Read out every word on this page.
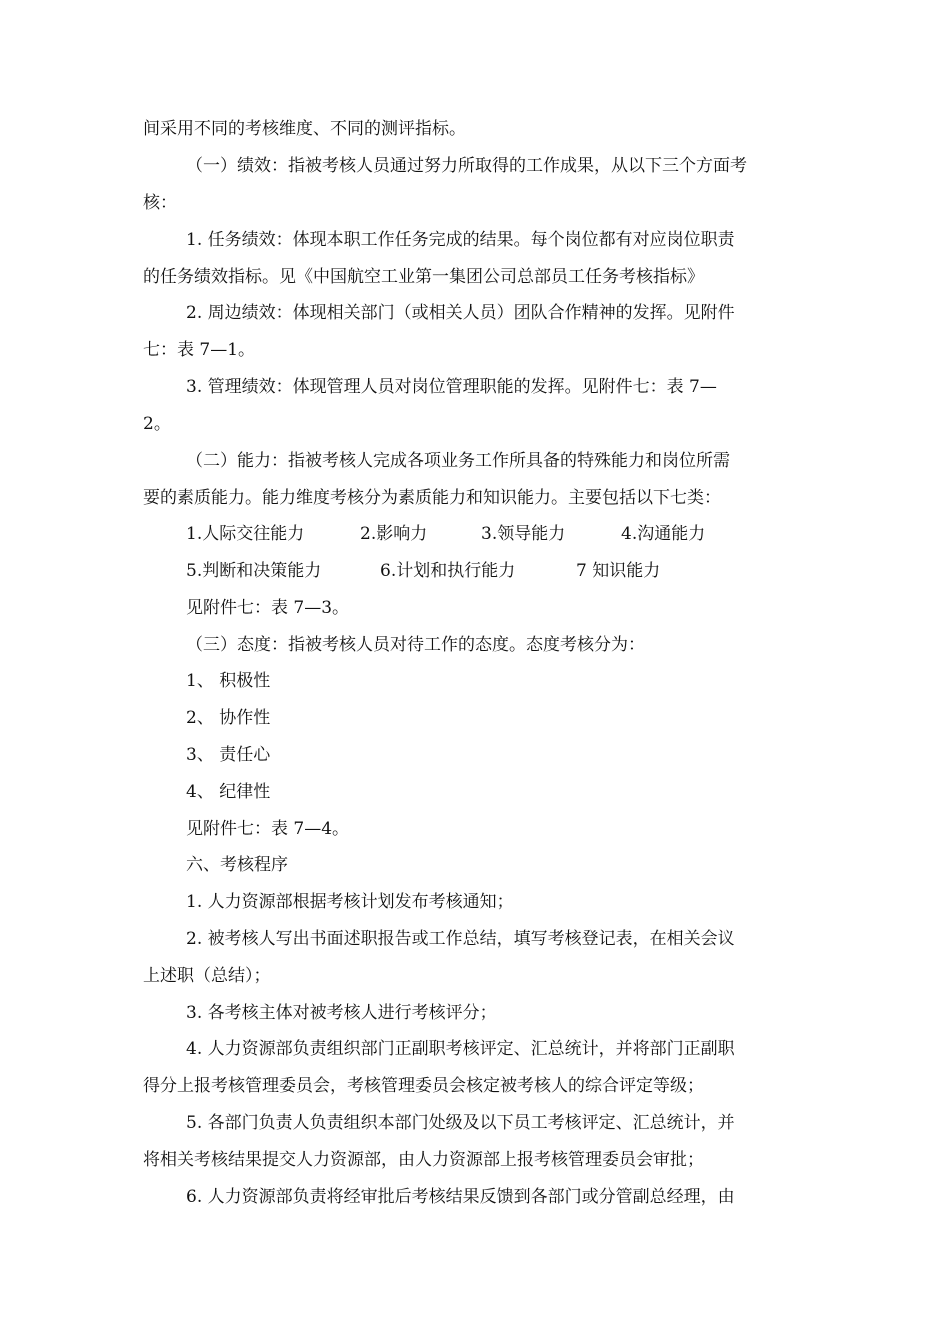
间采用不同的考核维度、不同的测评指标。
（一）绩效：指被考核人员通过努力所取得的工作成果，从以下三个方面考
核：
1. 任务绩效：体现本职工作任务完成的结果。每个岗位都有对应岗位职责
的任务绩效指标。见《中国航空工业第一集团公司总部员工任务考核指标》
2. 周边绩效：体现相关部门（或相关人员）团队合作精神的发挥。见附件
七：表 7—1。
3. 管理绩效：体现管理人员对岗位管理职能的发挥。见附件七：表 7—
2。
（二）能力：指被考核人完成各项业务工作所具备的特殊能力和岗位所需
要的素质能力。能力维度考核分为素质能力和知识能力。主要包括以下七类：
1.人际交往能力	2.影响力	3.领导能力	4.沟通能力
5.判断和决策能力	6.计划和执行能力	7 知识能力
见附件七：表 7—3。
（三）态度：指被考核人员对待工作的态度。态度考核分为：
1、 积极性
2、 协作性
3、 责任心
4、 纪律性
见附件七：表 7—4。
六、考核程序
1. 人力资源部根据考核计划发布考核通知；
2. 被考核人写出书面述职报告或工作总结，填写考核登记表，在相关会议
上述职（总结）；
3. 各考核主体对被考核人进行考核评分；
4. 人力资源部负责组织部门正副职考核评定、汇总统计，并将部门正副职
得分上报考核管理委员会，考核管理委员会核定被考核人的综合评定等级；
5. 各部门负责人负责组织本部门处级及以下员工考核评定、汇总统计，并
将相关考核结果提交人力资源部，由人力资源部上报考核管理委员会审批；
6. 人力资源部负责将经审批后考核结果反馈到各部门或分管副总经理，由
